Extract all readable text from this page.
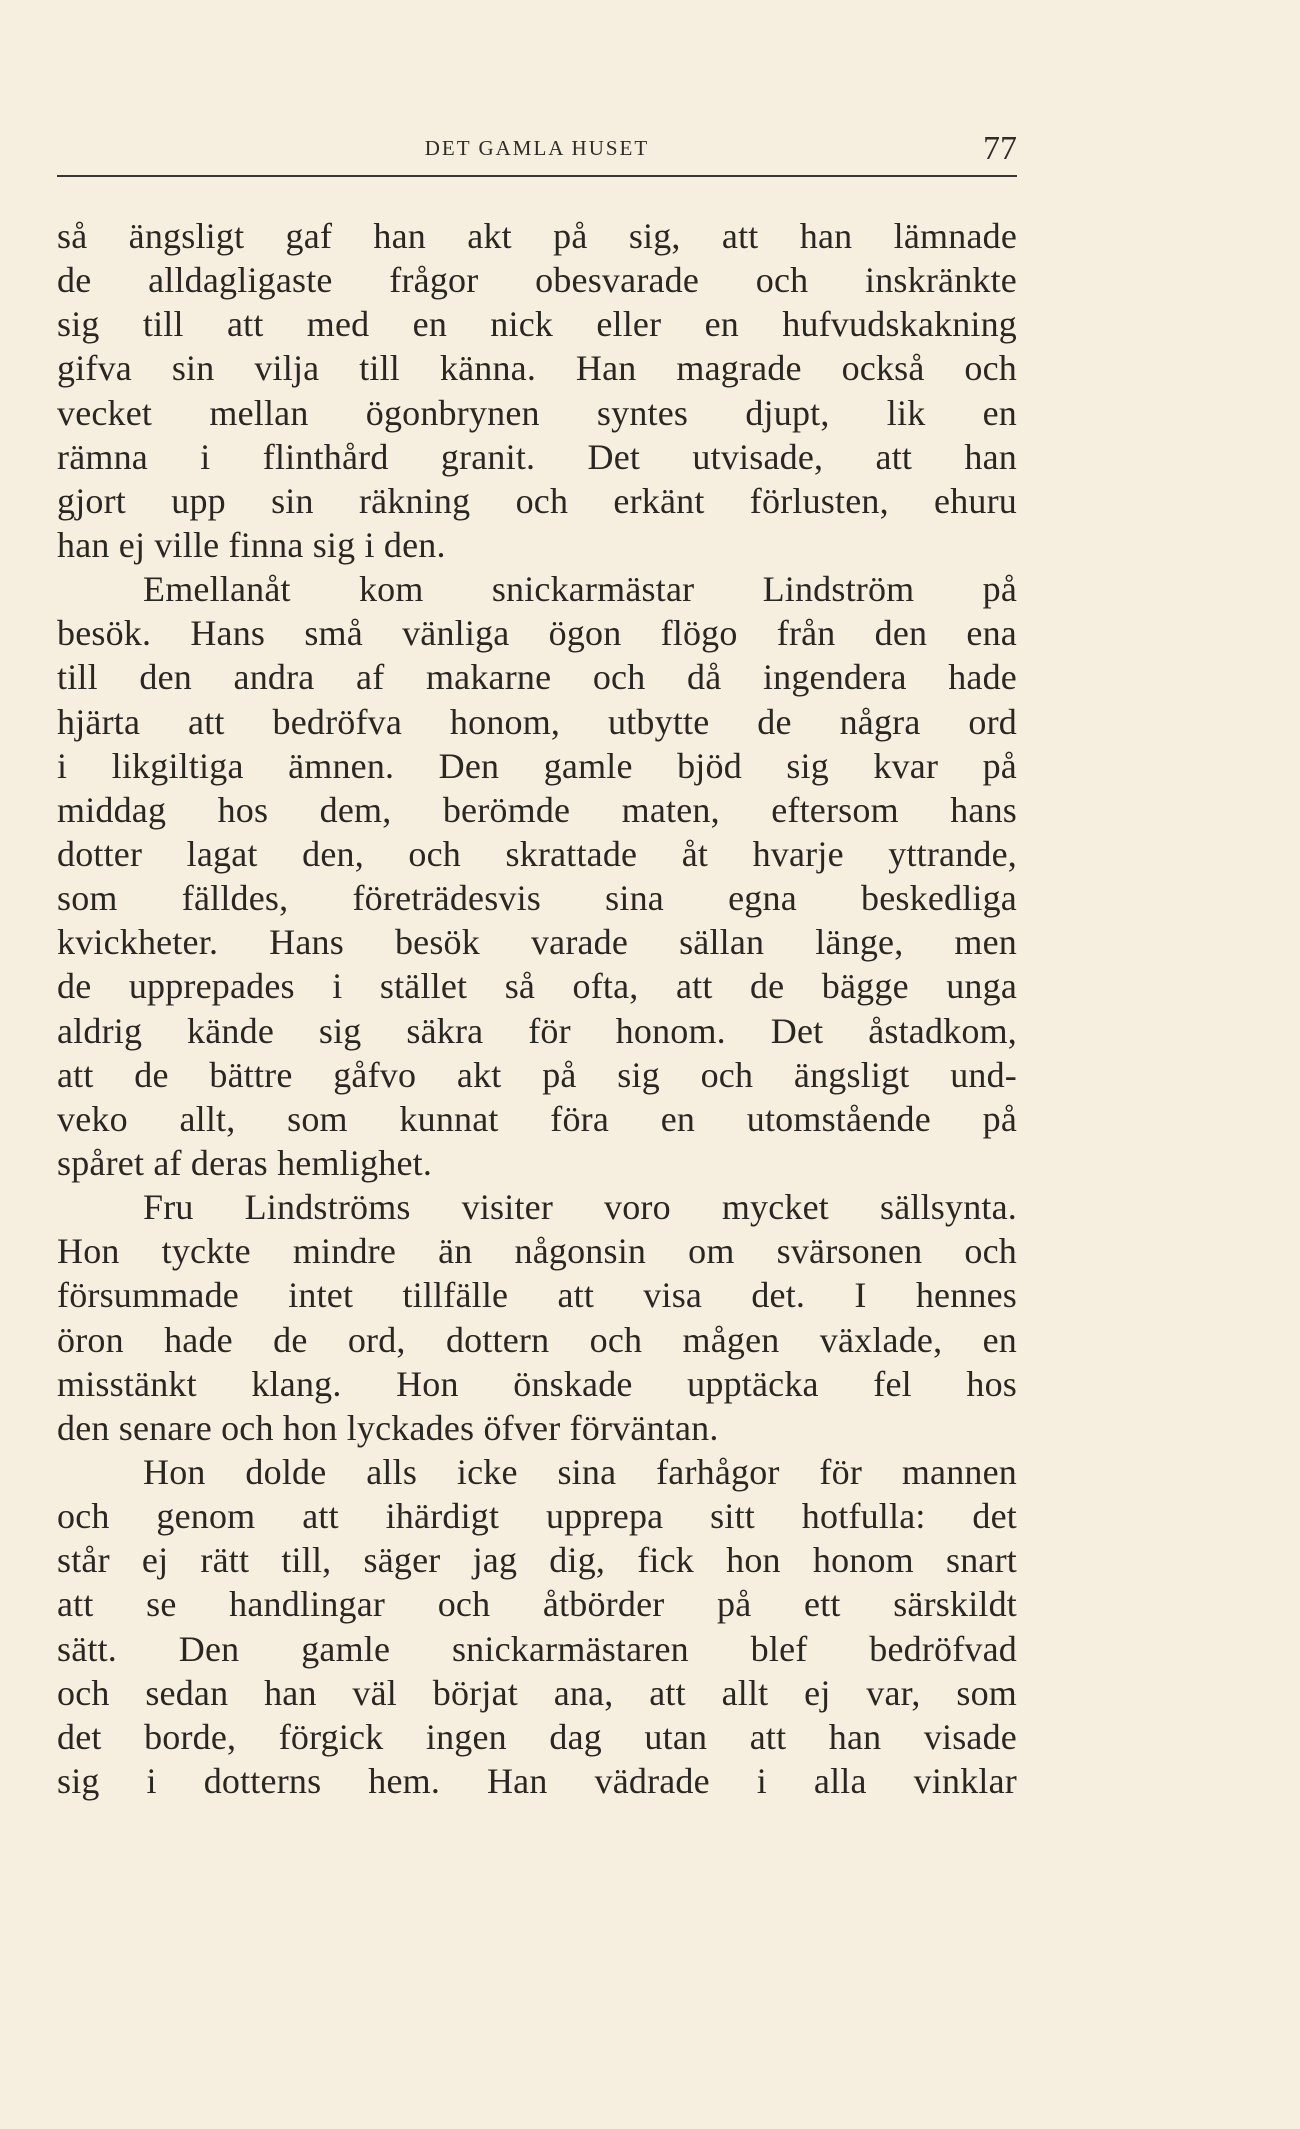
DET GAMLA HUSET	77
så ängsligt gaf han akt på sig, att han lämnade
de alldagligaste frågor obesvarade och inskränkte
sig till att med en nick eller en hufvudskakning
gifva sin vilja till känna. Han magrade också och
vecket mellan ögonbrynen syntes djupt, lik en
rämna i flinthård granit. Det utvisade, att han
gjort upp sin räkning och erkänt förlusten, ehuru
han ej ville finna sig i den.
Emellanåt kom snickarmästar Lindström på
besök. Hans små vänliga ögon flögo från den ena
till den andra af makarne och då ingendera hade
hjärta att bedröfva honom, utbytte de några ord
i likgiltiga ämnen. Den gamle bjöd sig kvar på
middag hos dem, berömde maten, eftersom hans
dotter lagat den, och skrattade åt hvarje yttrande,
som fälldes, företrädesvis sina egna beskedliga
kvickheter. Hans besök varade sällan länge, men
de upprepades i stället så ofta, att de bägge unga
aldrig kände sig säkra för honom. Det åstadkom,
att de bättre gåfvo akt på sig och ängsligt und-
veko allt, som kunnat föra en utomstående på
spåret af deras hemlighet.
Fru Lindströms visiter voro mycket sällsynta.
Hon tyckte mindre än någonsin om svärsonen och
försummade intet tillfälle att visa det. I hennes
öron hade de ord, dottern och mågen växlade, en
misstänkt klang. Hon önskade upptäcka fel hos
den senare och hon lyckades öfver förväntan.
Hon dolde alls icke sina farhågor för mannen
och genom att ihärdigt upprepa sitt hotfulla: det
står ej rätt till, säger jag dig, fick hon honom snart
att se handlingar och åtbörder på ett särskildt
sätt. Den gamle snickarmästaren blef bedröfvad
och sedan han väl börjat ana, att allt ej var, som
det borde, förgick ingen dag utan att han visade
sig i dotterns hem. Han vädrade i alla vinklar
